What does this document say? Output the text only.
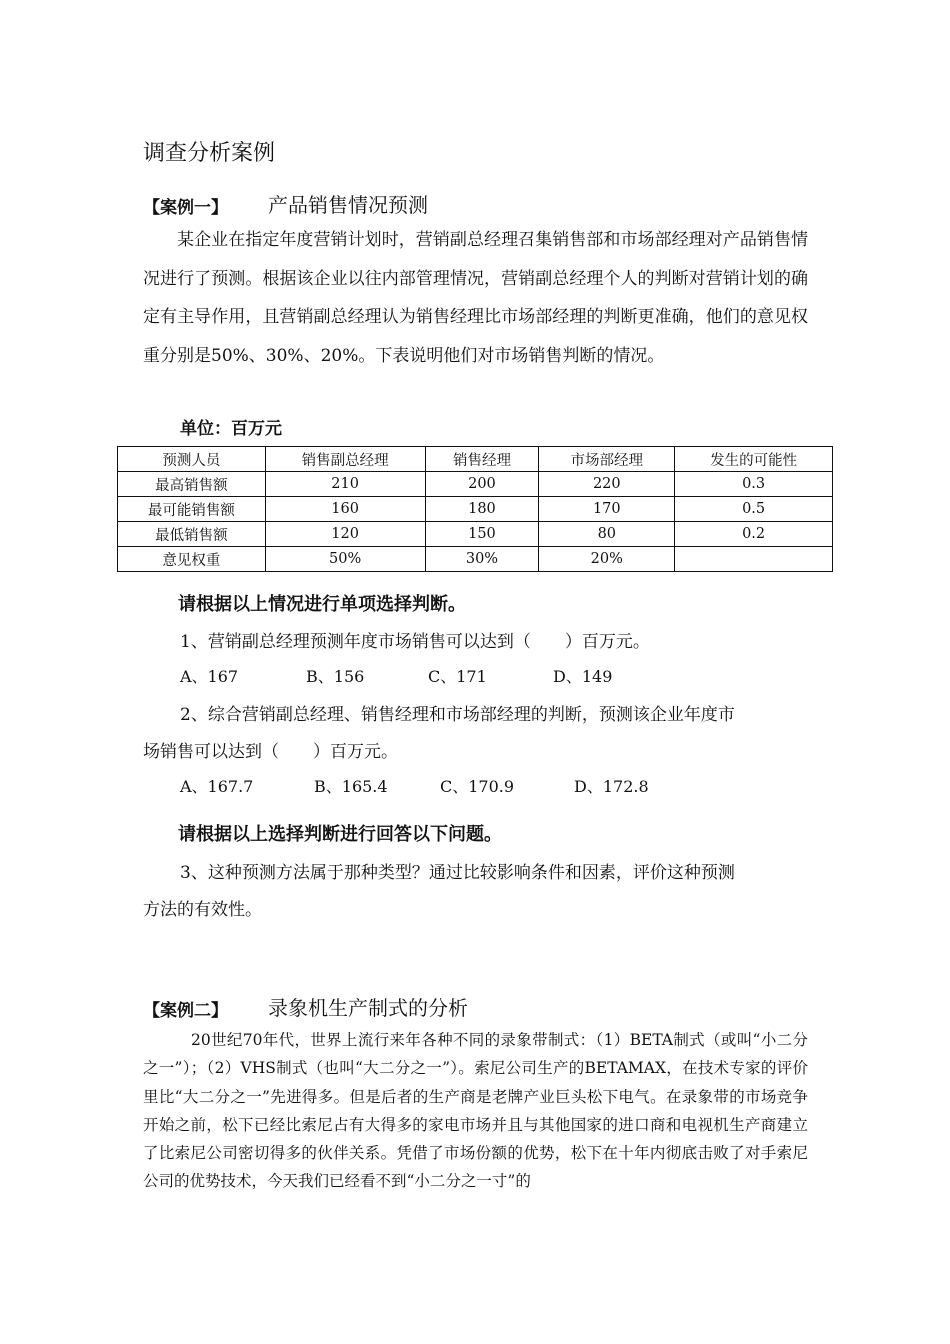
调查分析案例
【案例一】 产品销售情况预测
某企业在指定年度营销计划时，营销副总经理召集销售部和市场部经理对产品销售情况进行了预测。根据该企业以往内部管理情况，营销副总经理个人的判断对营销计划的确定有主导作用，且营销副总经理认为销售经理比市场部经理的判断更准确，他们的意见权重分别是50%、30%、20%。下表说明他们对市场销售判断的情况。
单位：百万元
预测人员	销售副总经理	销售经理	市场部经理	发生的可能性
最高销售额	210	200	220	0.3
最可能销售额	160	180	170	0.5
最低销售额	120	150	80	0.2
意见权重	50%	30%	20%	
请根据以上情况进行单项选择判断。
1、营销副总经理预测年度市场销售可以达到（　　）百万元。
A、167	B、156	C、171	D、149
2、综合营销副总经理、销售经理和市场部经理的判断，预测该企业年度市
场销售可以达到（　　）百万元。
A、167.7	B、165.4	C、170.9	D、172.8
请根据以上选择判断进行回答以下问题。
3、这种预测方法属于那种类型？通过比较影响条件和因素，评价这种预测
方法的有效性。
【案例二】 录象机生产制式的分析
20世纪70年代，世界上流行来年各种不同的录象带制式：（1）BETA制式（或叫“小二分之一”）；（2）VHS制式（也叫“大二分之一”）。索尼公司生产的BETAMAX，在技术专家的评价里比“大二分之一”先进得多。但是后者的生产商是老牌产业巨头松下电气。在录象带的市场竞争开始之前，松下已经比索尼占有大得多的家电市场并且与其他国家的进口商和电视机生产商建立了比索尼公司密切得多的伙伴关系。凭借了市场份额的优势，松下在十年内彻底击败了对手索尼公司的优势技术，今天我们已经看不到“小二分之一寸”的
